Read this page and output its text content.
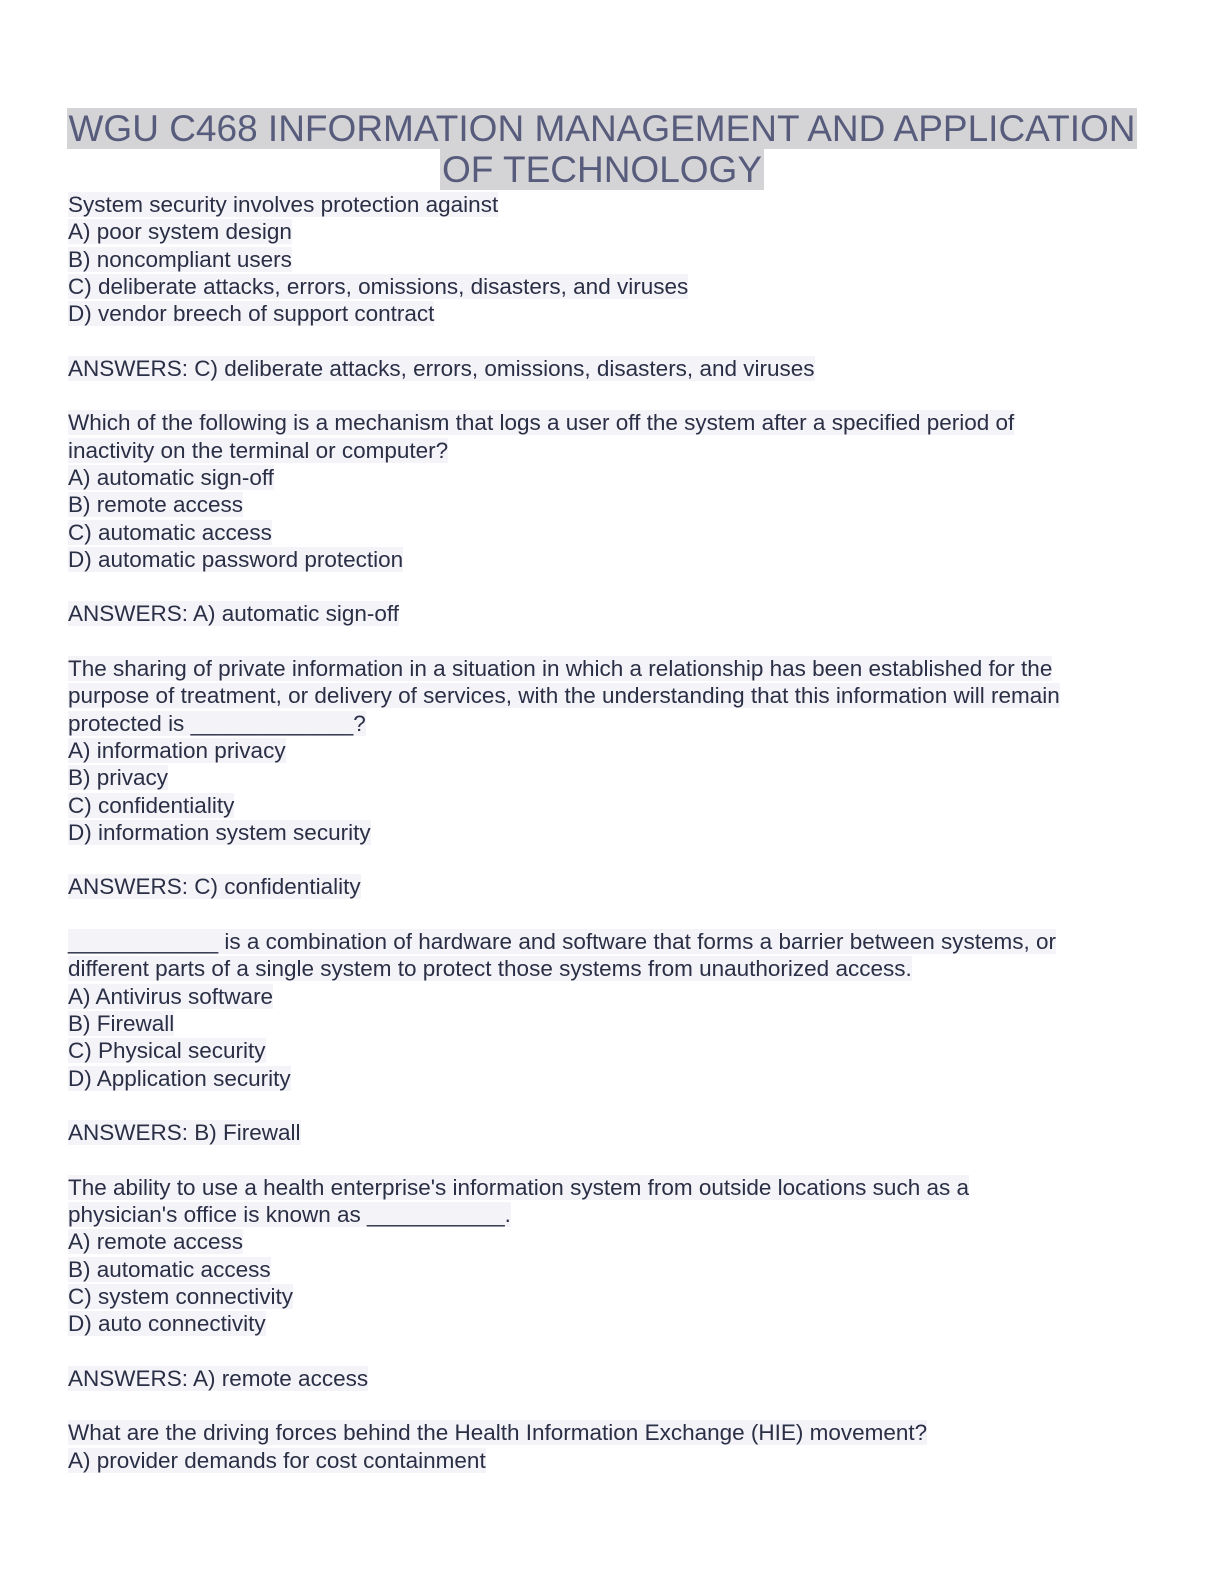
WGU C468 INFORMATION MANAGEMENT AND APPLICATION
OF TECHNOLOGY
System security involves protection against
A) poor system design
B) noncompliant users
C) deliberate attacks, errors, omissions, disasters, and viruses
D) vendor breech of support contract
ANSWERS: C) deliberate attacks, errors, omissions, disasters, and viruses
Which of the following is a mechanism that logs a user off the system after a specified period of
inactivity on the terminal or computer?
A) automatic sign-off
B) remote access
C) automatic access
D) automatic password protection
ANSWERS: A) automatic sign-off
The sharing of private information in a situation in which a relationship has been established for the
purpose of treatment, or delivery of services, with the understanding that this information will remain
protected is _____________?
A) information privacy
B) privacy
C) confidentiality
D) information system security
ANSWERS: C) confidentiality
____________ is a combination of hardware and software that forms a barrier between systems, or
different parts of a single system to protect those systems from unauthorized access.
A) Antivirus software
B) Firewall
C) Physical security
D) Application security
ANSWERS: B) Firewall
The ability to use a health enterprise's information system from outside locations such as a
physician's office is known as ___________.
A) remote access
B) automatic access
C) system connectivity
D) auto connectivity
ANSWERS: A) remote access
What are the driving forces behind the Health Information Exchange (HIE) movement?
A) provider demands for cost containment
